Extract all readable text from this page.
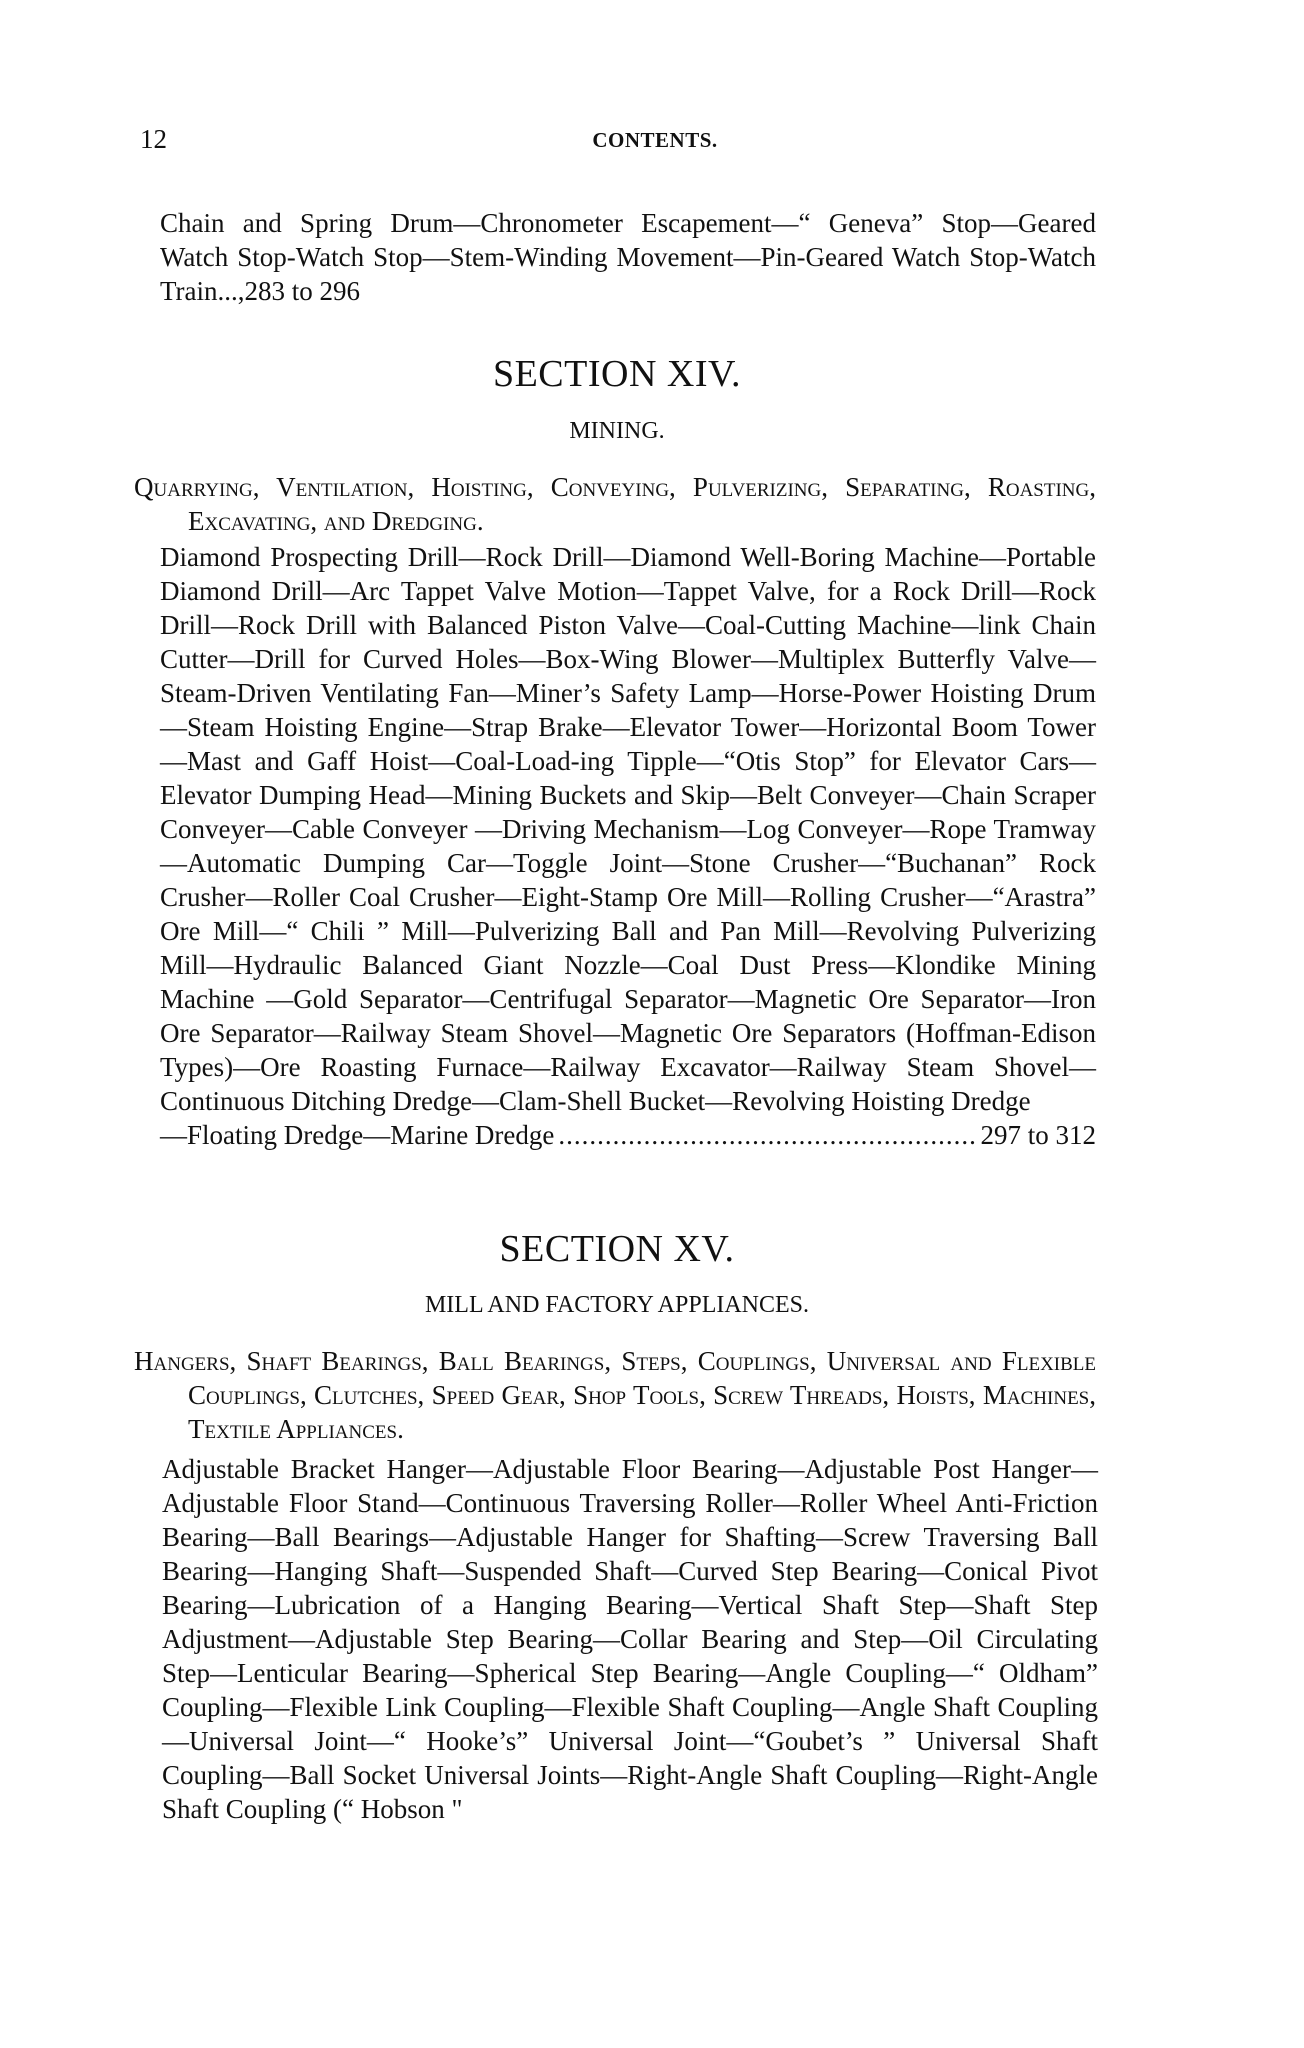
12	CONTENTS.
Chain and Spring Drum—Chronometer Escapement—“ Geneva” Stop—Geared Watch Stop-Watch Stop—Stem-Winding Movement—Pin-Geared Watch Stop-Watch Train...,283 to 296
SECTION XIV.
MINING.
Quarrying, Ventilation, Hoisting, Conveying, Pulverizing, Separating, Roasting, Excavating, and Dredging.
Diamond Prospecting Drill—Rock Drill—Diamond Well-Boring Machine—Portable Diamond Drill—Arc Tappet Valve Motion—Tappet Valve, for a Rock Drill—Rock Drill—Rock Drill with Balanced Piston Valve—Coal-Cutting Machine—link Chain Cutter—Drill for Curved Holes—Box-Wing Blower—Multiplex Butterfly Valve—Steam-Driven Ventilating Fan—Miner’s Safety Lamp—Horse-Power Hoisting Drum—Steam Hoisting Engine—Strap Brake—Elevator Tower—Horizontal Boom Tower—Mast and Gaff Hoist—Coal-Load-ing Tipple—“Otis Stop” for Elevator Cars—Elevator Dumping Head—Mining Buckets and Skip—Belt Conveyer—Chain Scraper Conveyer—Cable Conveyer —Driving Mechanism—Log Conveyer—Rope Tramway—Automatic Dumping Car—Toggle Joint—Stone Crusher—“Buchanan” Rock Crusher—Roller Coal Crusher—Eight-Stamp Ore Mill—Rolling Crusher—“Arastra” Ore Mill—“ Chili ” Mill—Pulverizing Ball and Pan Mill—Revolving Pulverizing Mill—Hydraulic Balanced Giant Nozzle—Coal Dust Press—Klondike Mining Machine —Gold Separator—Centrifugal Separator—Magnetic Ore Separator—Iron Ore Separator—Railway Steam Shovel—Magnetic Ore Separators (Hoffman-Edison Types)—Ore Roasting Furnace—Railway Excavator—Railway Steam Shovel—Continuous Ditching Dredge—Clam-Shell Bucket—Revolving Hoisting Dredge
—Floating Dredge—Marine Dredge
.....	297 to 312
SECTION XV.
MILL AND FACTORY APPLIANCES.
Hangers, Shaft Bearings, Ball Bearings, Steps, Couplings, Universal and Flexible Couplings, Clutches, Speed Gear, Shop Tools, Screw Threads, Hoists, Machines, Textile Appliances.
Adjustable Bracket Hanger—Adjustable Floor Bearing—Adjustable Post Hanger—Adjustable Floor Stand—Continuous Traversing Roller—Roller Wheel Anti-Friction Bearing—Ball Bearings—Adjustable Hanger for Shafting—Screw Traversing Ball Bearing—Hanging Shaft—Suspended Shaft—Curved Step Bearing—Conical Pivot Bearing—Lubrication of a Hanging Bearing—Vertical Shaft Step—Shaft Step Adjustment—Adjustable Step Bearing—Collar Bearing and Step—Oil Circulating Step—Lenticular Bearing—Spherical Step Bearing—Angle Coupling—“ Oldham” Coupling—Flexible Link Coupling—Flexible Shaft Coupling—Angle Shaft Coupling—Universal Joint—“ Hooke’s” Universal Joint—“Goubet’s ” Universal Shaft Coupling—Ball Socket Universal Joints—Right-Angle Shaft Coupling—Right-Angle Shaft Coupling (“ Hobson "
